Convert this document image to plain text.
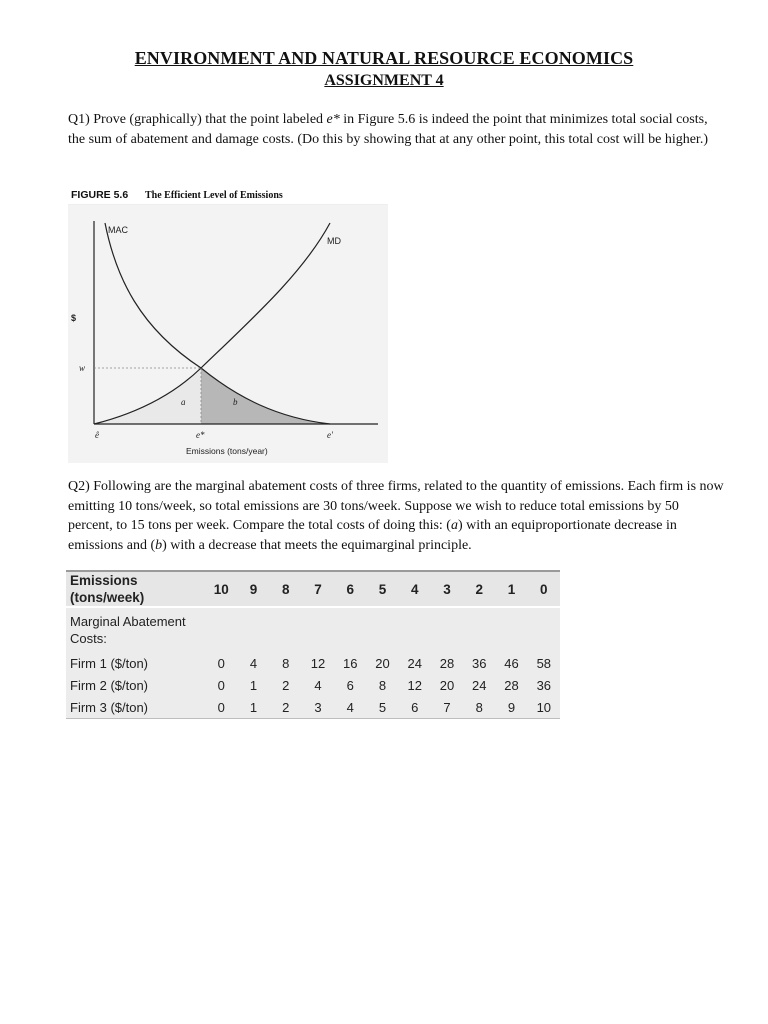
ENVIRONMENT AND NATURAL RESOURCE ECONOMICS
ASSIGNMENT 4
Q1) Prove (graphically) that the point labeled e* in Figure 5.6 is indeed the point that minimizes total social costs, the sum of abatement and damage costs. (Do this by showing that at any other point, this total cost will be higher.)
FIGURE 5.6 The Efficient Level of Emissions
MAC
MD
$
w
a	b
ê	e*	e′
Emissions (tons/year)
Q2) Following are the marginal abatement costs of three firms, related to the quantity of emissions. Each firm is now emitting 10 tons/week, so total emissions are 30 tons/week. Suppose we wish to reduce total emissions by 50 percent, to 15 tons per week. Compare the total costs of doing this: (a) with an equiproportionate decrease in emissions and (b) with a decrease that meets the equimarginal principle.
Emissions
(tons/week)	10	9	8	7	6	5	4	3	2	1	0

Marginal Abatement
Costs:											

Firm 1 ($/ton)	0	4	8	12	16	20	24	28	36	46	58
Firm 2 ($/ton)	0	1	2	4	6	8	12	20	24	28	36
Firm 3 ($/ton)	0	1	2	3	4	5	6	7	8	9	10
